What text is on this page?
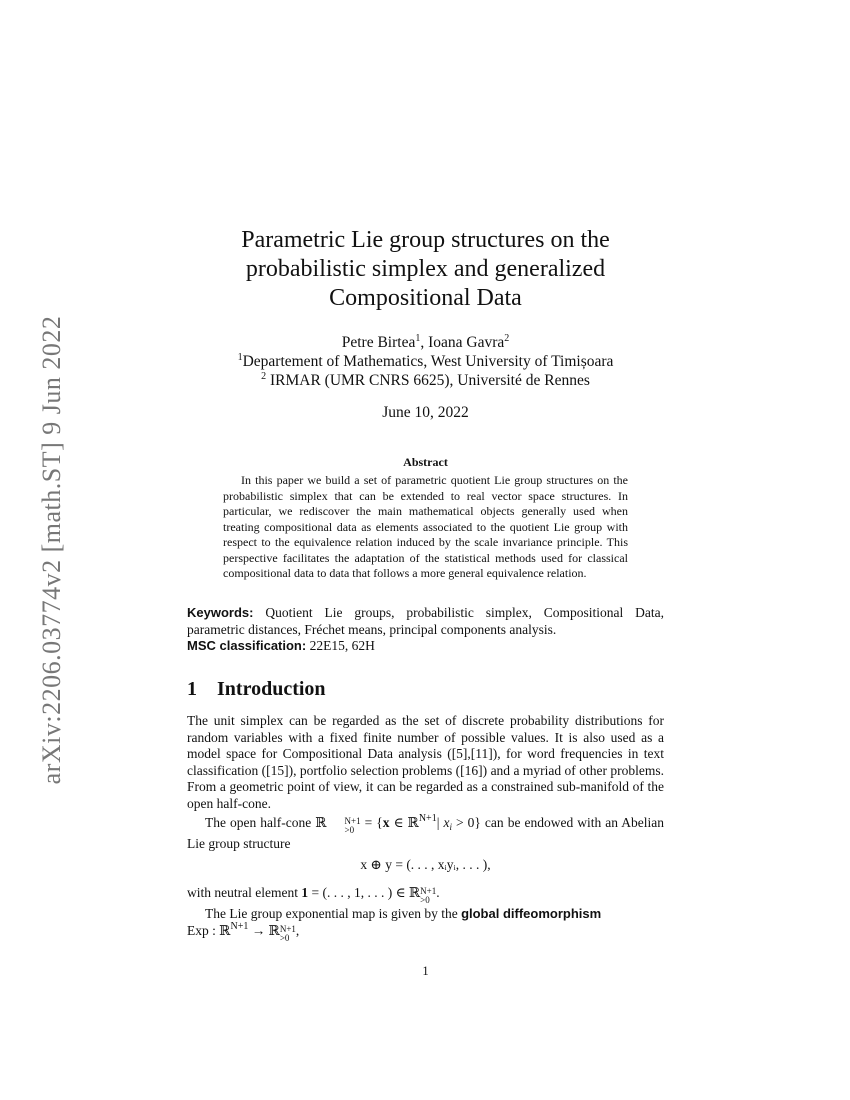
arXiv:2206.03774v2 [math.ST] 9 Jun 2022
Parametric Lie group structures on the
probabilistic simplex and generalized
Compositional Data
Petre Birtea$^1$, Ioana Gavra$^2$
$^1$Departement of Mathematics, West University of Timișoara
$^2$ IRMAR (UMR CNRS 6625), Université de Rennes
June 10, 2022
Abstract

In this paper we build a set of parametric quotient Lie group structures on the probabilistic simplex that can be extended to real vector space structures. In particular, we rediscover the main mathematical objects generally used when treating compositional data as elements associated to the quotient Lie group with respect to the equivalence relation induced by the scale invariance principle. This perspective facilitates the adaptation of the statistical methods used for classical compositional data to data that follows a more general equivalence relation.

Keywords: Quotient Lie groups, probabilistic simplex, Compositional Data, parametric distances, Fréchet means, principal components analysis.

MSC classification: 22E15, 62H
1 Introduction

The unit simplex can be regarded as the set of discrete probability distributions for random variables with a fixed finite number of possible values. It is also used as a model space for Compositional Data analysis ([5],[11]), for word frequencies in text classification ([15]), portfolio selection problems ([16]) and a myriad of other problems. From a geometric point of view, it can be regarded as a constrained sub-manifold of the open half-cone.

The open half-cone ℝ	N+1
>0 = {x ∈ ℝ$^{N+1}$| $x_i > 0$} can be endowed with an Abelian Lie group structure

x ⊕ y = (. . . , xᵢyᵢ, . . . ),
with neutral element 1 = (. . . , 1, . . . ) ∈ ℝ N+1
>0 .

The Lie group exponential map is given by the global diffeomorphism

Exp : ℝ$^{N+1}$ → ℝ N+1
>0 ,
1
